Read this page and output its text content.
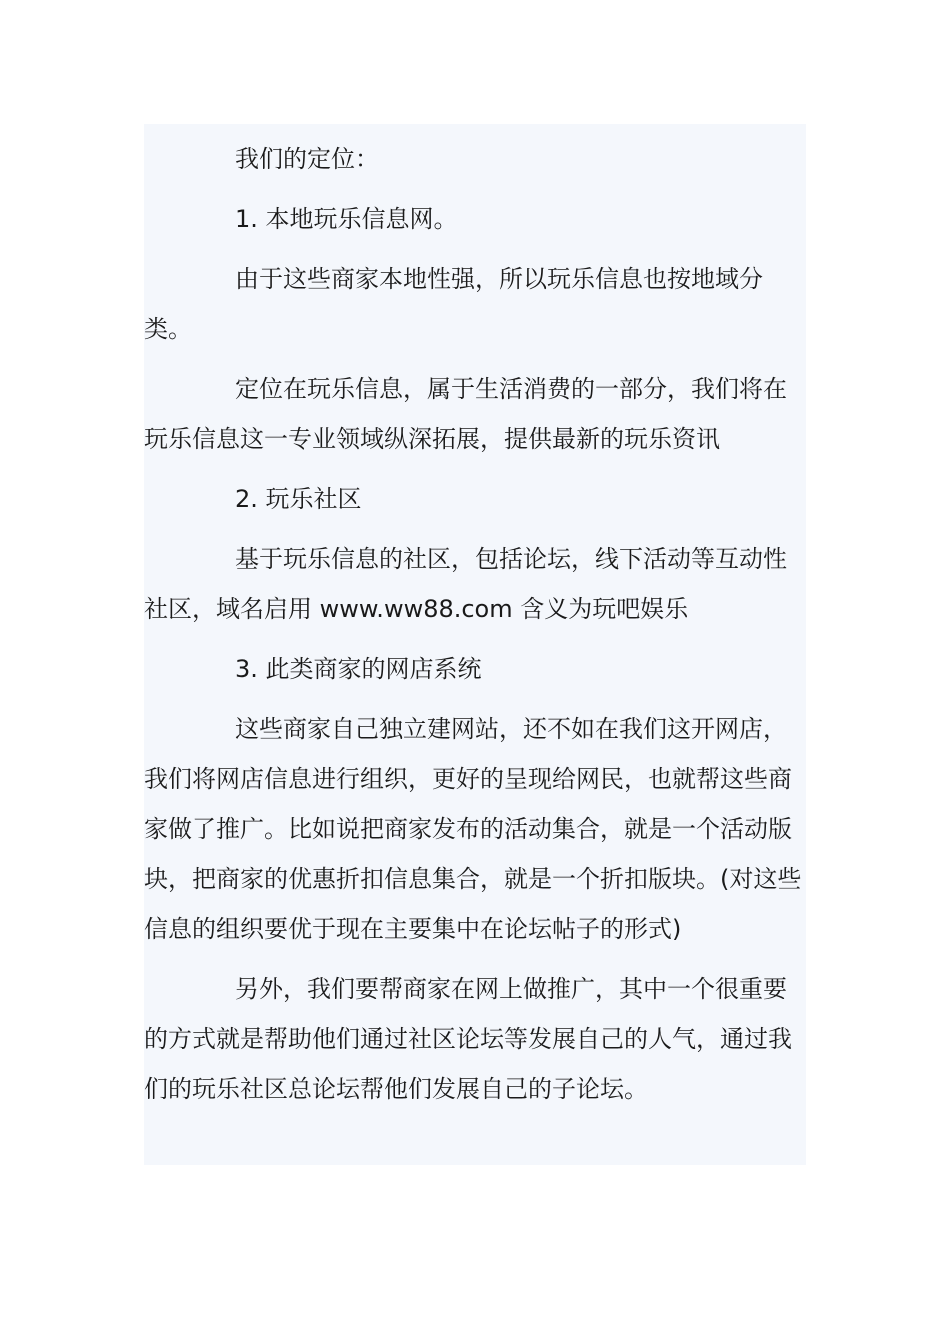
我们的定位：

1. 本地玩乐信息网。

由于这些商家本地性强，所以玩乐信息也按地域分类。

定位在玩乐信息，属于生活消费的一部分，我们将在玩乐信息这一专业领域纵深拓展，提供最新的玩乐资讯

2. 玩乐社区

基于玩乐信息的社区，包括论坛，线下活动等互动性社区，域名启用 www.ww88.com 含义为玩吧娱乐

3. 此类商家的网店系统

这些商家自己独立建网站，还不如在我们这开网店，我们将网店信息进行组织，更好的呈现给网民，也就帮这些商家做了推广。比如说把商家发布的活动集合，就是一个活动版块，把商家的优惠折扣信息集合，就是一个折扣版块。(对这些信息的组织要优于现在主要集中在论坛帖子的形式)

另外，我们要帮商家在网上做推广，其中一个很重要的方式就是帮助他们通过社区论坛等发展自己的人气，通过我们的玩乐社区总论坛帮他们发展自己的子论坛。
